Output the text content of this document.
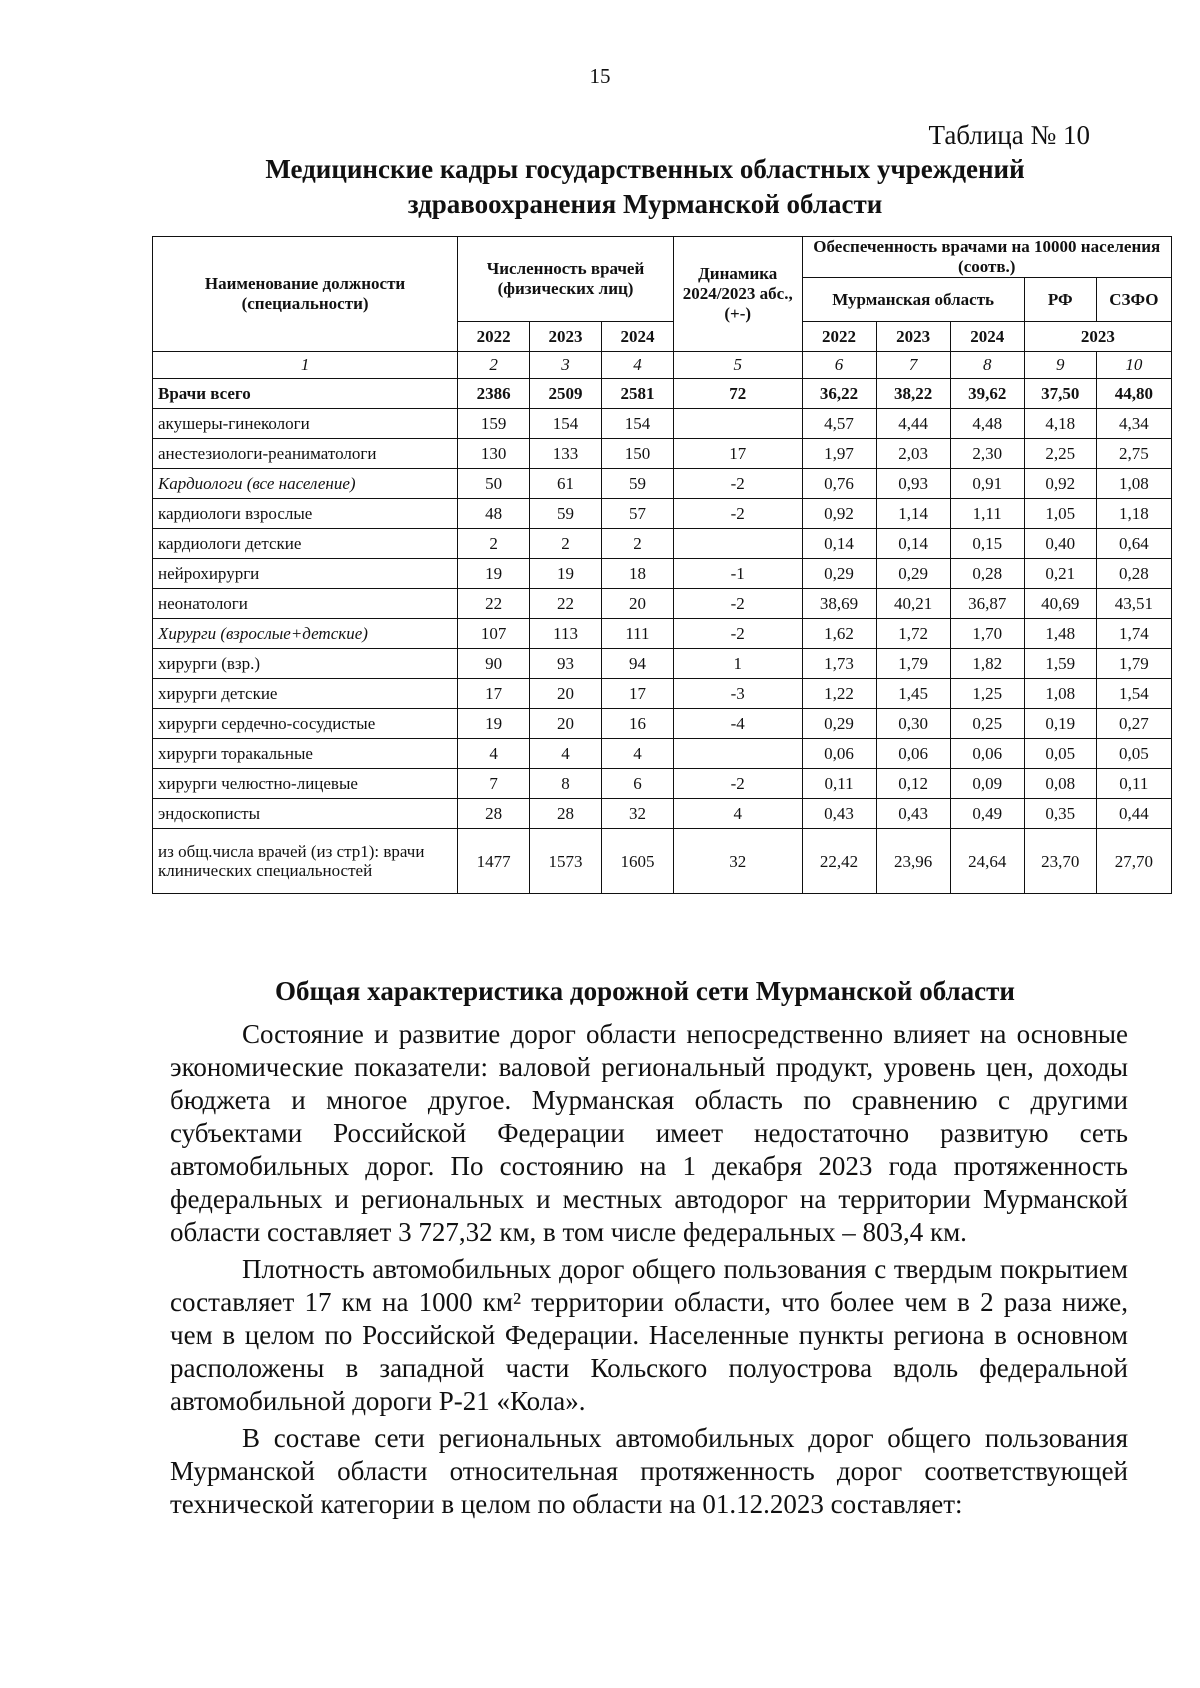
15
Таблица № 10
Медицинские кадры государственных областных учреждений
здравоохранения Мурманской области
Наименование должности (специальности)	Численность врачей (физических лиц)			Динамика 2024/2023 абс., (+-)	Обеспеченность врачами на 10000 населения (соотв.)				
					Мурманская область			РФ	СЗФО
	2022	2023	2024		2022	2023	2024	2023	
1	2	3	4	5	6	7	8	9	10
Врачи всего	2386	2509	2581	72	36,22	38,22	39,62	37,50	44,80
акушеры-гинекологи	159	154	154		4,57	4,44	4,48	4,18	4,34
анестезиологи-реаниматологи	130	133	150	17	1,97	2,03	2,30	2,25	2,75
Кардиологи (все население)	50	61	59	-2	0,76	0,93	0,91	0,92	1,08
кардиологи взрослые	48	59	57	-2	0,92	1,14	1,11	1,05	1,18
кардиологи детские	2	2	2		0,14	0,14	0,15	0,40	0,64
нейрохирурги	19	19	18	-1	0,29	0,29	0,28	0,21	0,28
неонатологи	22	22	20	-2	38,69	40,21	36,87	40,69	43,51
Хирурги (взрослые+детские)	107	113	111	-2	1,62	1,72	1,70	1,48	1,74
хирурги (взр.)	90	93	94	1	1,73	1,79	1,82	1,59	1,79
хирурги детские	17	20	17	-3	1,22	1,45	1,25	1,08	1,54
хирурги сердечно-сосудистые	19	20	16	-4	0,29	0,30	0,25	0,19	0,27
хирурги торакальные	4	4	4		0,06	0,06	0,06	0,05	0,05
хирурги челюстно-лицевые	7	8	6	-2	0,11	0,12	0,09	0,08	0,11
эндоскописты	28	28	32	4	0,43	0,43	0,49	0,35	0,44
из общ.числа врачей (из стр1): врачи клинических специальностей	1477	1573	1605	32	22,42	23,96	24,64	23,70	27,70
Общая характеристика дорожной сети Мурманской области

Состояние и развитие дорог области непосредственно влияет на основные экономические показатели: валовой региональный продукт, уровень цен, доходы бюджета и многое другое. Мурманская область по сравнению с другими субъектами Российской Федерации имеет недостаточно развитую сеть автомобильных дорог. По состоянию на 1 декабря 2023 года протяженность федеральных и региональных и местных автодорог на территории Мурманской области составляет 3 727,32 км, в том числе федеральных – 803,4 км.

Плотность автомобильных дорог общего пользования с твердым покрытием составляет 17 км на 1000 км² территории области, что более чем в 2 раза ниже, чем в целом по Российской Федерации. Населенные пункты региона в основном расположены в западной части Кольского полуострова вдоль федеральной автомобильной дороги Р-21 «Кола».

В составе сети региональных автомобильных дорог общего пользования Мурманской области относительная протяженность дорог соответствующей технической категории в целом по области на 01.12.2023 составляет:
